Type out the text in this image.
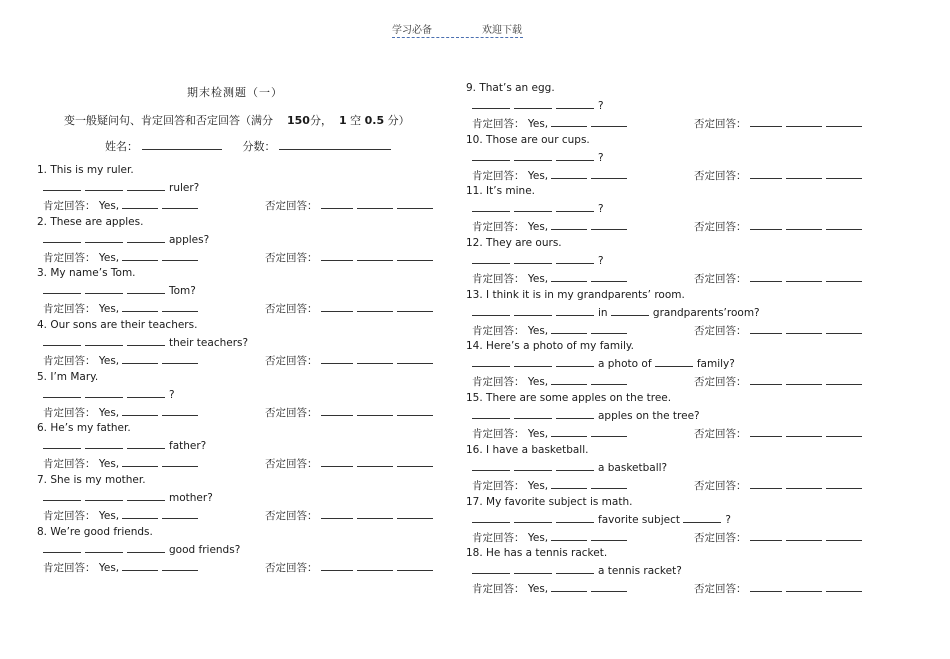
学习必备	欢迎下载
期末检测题（一）
变一般疑问句、肯定回答和否定回答（满分 150分， 1 空 0.5 分）
姓名：	分数：
1. This is my ruler.
ruler?
肯定回答： Yes,	否定回答：
2. These are apples.
apples?
肯定回答： Yes,	否定回答：
3. My name’s Tom.
Tom?
肯定回答： Yes,	否定回答：
4. Our sons are their teachers.
their teachers?
肯定回答： Yes,	否定回答：
5. I’m Mary.
?
肯定回答： Yes,	否定回答：
6. He’s my father.
father?
肯定回答： Yes,	否定回答：
7. She is my mother.
mother?
肯定回答： Yes,	否定回答：
8. We’re good friends.
good friends?
肯定回答： Yes,	否定回答：
9. That’s an egg.
?
肯定回答： Yes,	否定回答：
10. Those are our cups.
?
肯定回答： Yes,	否定回答：
11. It’s mine.
?
肯定回答： Yes,	否定回答：
12. They are ours.
?
肯定回答： Yes,	否定回答：
13. I think it is in my grandparents’ room.
in	grandparents’room?
肯定回答： Yes,	否定回答：
14. Here’s a photo of my family.
a photo of	family?
肯定回答： Yes,	否定回答：
15. There are some apples on the tree.
apples on the tree?
肯定回答： Yes,	否定回答：
16. I have a basketball.
a basketball?
肯定回答： Yes,	否定回答：
17. My favorite subject is math.
favorite subject	?
肯定回答： Yes,	否定回答：
18. He has a tennis racket.
a tennis racket?
肯定回答： Yes,	否定回答：
